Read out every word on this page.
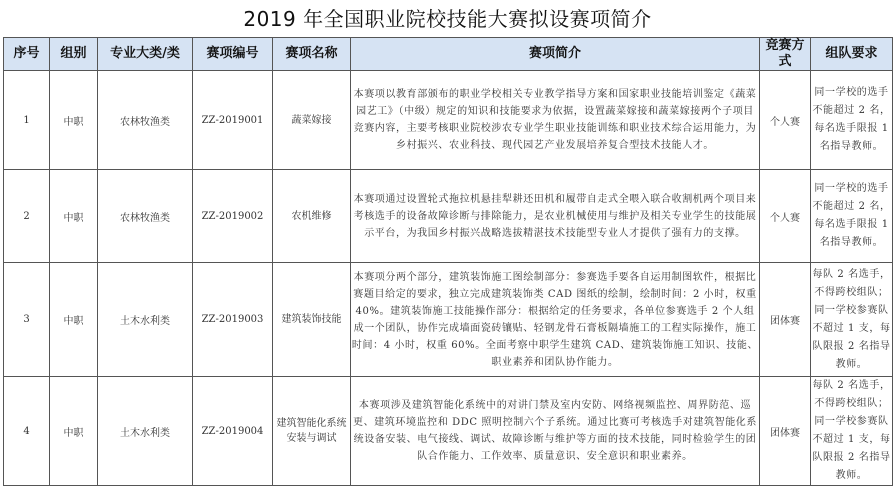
2019 年全国职业院校技能大赛拟设赛项简介
序号	组别	专业大类/类	赛项编号	赛项名称	赛项简介	竞赛方式	组队要求
1	中职	农林牧渔类	ZZ-2019001	蔬菜嫁接	本赛项以教育部颁布的职业学校相关专业教学指导方案和国家职业技能培训鉴定《蔬菜园艺工》（中级）规定的知识和技能要求为依据，设置蔬菜嫁接和蔬菜嫁接两个子项目竞赛内容，主要考核职业院校涉农专业学生职业技能训练和职业技术综合运用能力，为乡村振兴、农业科技、现代园艺产业发展培养复合型技术技能人才。	个人赛	同一学校的选手不能超过 2 名，每名选手限报 1 名指导教师。
2	中职	农林牧渔类	ZZ-2019002	农机维修	本赛项通过设置轮式拖拉机悬挂犁耕还田机和履带自走式全喂入联合收割机两个项目来考核选手的设备故障诊断与排除能力，是农业机械使用与维护及相关专业学生的技能展示平台，为我国乡村振兴战略选拔精湛技术技能型专业人才提供了强有力的支撑。	个人赛	同一学校的选手不能超过 2 名，每名选手限报 1 名指导教师。
3	中职	土木水利类	ZZ-2019003	建筑装饰技能	本赛项分两个部分，建筑装饰施工图绘制部分：参赛选手要各自运用制图软件，根据比赛题目给定的要求，独立完成建筑装饰类 CAD 图纸的绘制，绘制时间：2 小时，权重 40%。建筑装饰施工技能操作部分：根据给定的任务要求，各单位参赛选手 2 个人组成一个团队，协作完成墙面瓷砖镶贴、轻钢龙骨石膏板隔墙施工的工程实际操作，施工时间：4 小时，权重 60%。全面考察中职学生建筑 CAD、建筑装饰施工知识、技能、职业素养和团队协作能力。	团体赛	每队 2 名选手，不得跨校组队；同一学校参赛队不超过 1 支，每队限报 2 名指导教师。
4	中职	土木水利类	ZZ-2019004	建筑智能化系统安装与调试	本赛项涉及建筑智能化系统中的对讲门禁及室内安防、网络视频监控、周界防范、巡更、建筑环境监控和 DDC 照明控制六个子系统。通过比赛可考核选手对建筑智能化系统设备安装、电气接线、调试、故障诊断与维护等方面的技术技能，同时检验学生的团队合作能力、工作效率、质量意识、安全意识和职业素养。	团体赛	每队 2 名选手，不得跨校组队；同一学校参赛队不超过 1 支，每队限报 2 名指导教师。
